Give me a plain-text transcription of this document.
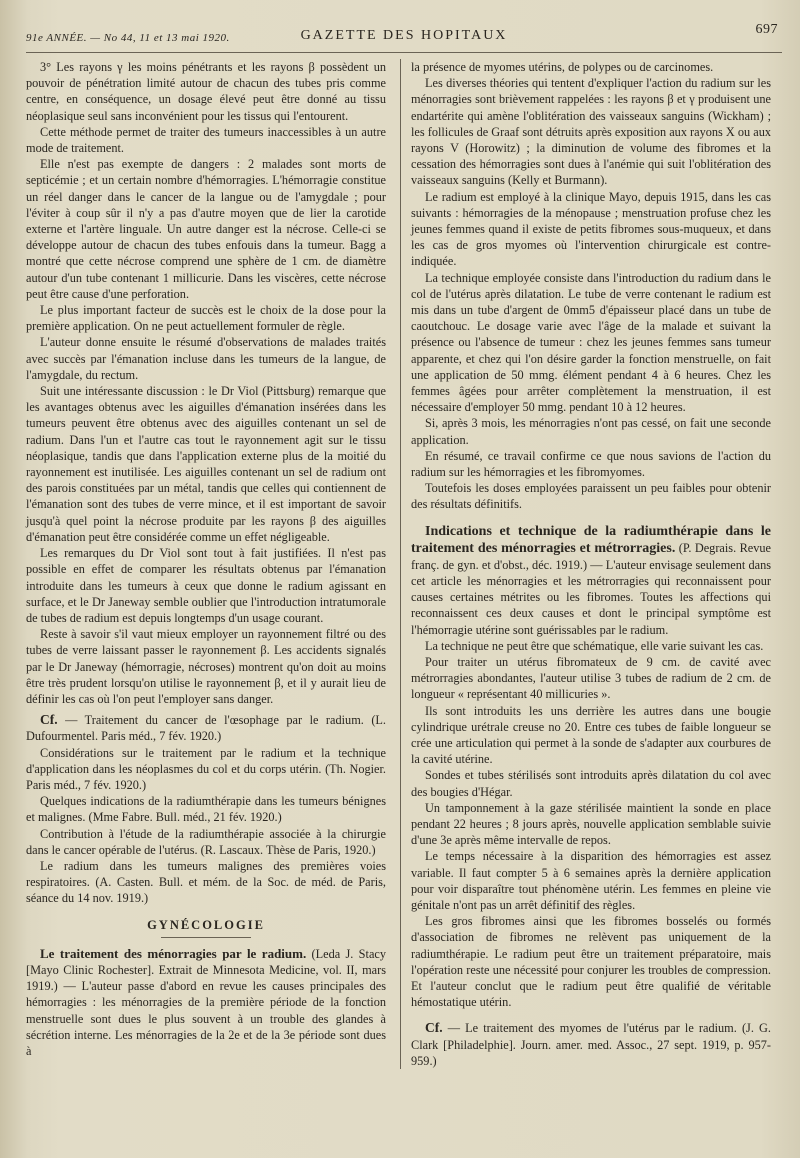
91e ANNÉE. — No 44, 11 et 13 mai 1920.	GAZETTE DES HOPITAUX	697

3° Les rayons γ les moins pénétrants et les rayons β possèdent un pouvoir de pénétration limité autour de chacun des tubes pris comme centre, en conséquence, un dosage élevé peut être donné au tissu néoplasique seul sans inconvénient pour les tissus qui l'entourent.

Cette méthode permet de traiter des tumeurs inaccessibles à un autre mode de traitement.

Elle n'est pas exempte de dangers : 2 malades sont morts de septicémie ; et un certain nombre d'hémorragies. L'hémorragie constitue un réel danger dans le cancer de la langue ou de l'amygdale ; pour l'éviter à coup sûr il n'y a pas d'autre moyen que de lier la carotide externe et l'artère linguale. Un autre danger est la nécrose. Celle-ci se développe autour de chacun des tubes enfouis dans la tumeur. Bagg a montré que cette nécrose comprend une sphère de 1 cm. de diamètre autour d'un tube contenant 1 millicurie. Dans les viscères, cette nécrose peut être cause d'une perforation.

Le plus important facteur de succès est le choix de la dose pour la première application. On ne peut actuellement formuler de règle.

L'auteur donne ensuite le résumé d'observations de malades traités avec succès par l'émanation incluse dans les tumeurs de la langue, de l'amygdale, du rectum.

Suit une intéressante discussion : le Dr Viol (Pittsburg) remarque que les avantages obtenus avec les aiguilles d'émanation insérées dans les tumeurs peuvent être obtenus avec des aiguilles contenant un sel de radium. Dans l'un et l'autre cas tout le rayonnement agit sur le tissu néoplasique, tandis que dans l'application externe plus de la moitié du rayonnement est inutilisée. Les aiguilles contenant un sel de radium ont des parois constituées par un métal, tandis que celles qui contiennent de l'émanation sont des tubes de verre mince, et il est important de savoir jusqu'à quel point la nécrose produite par les rayons β des aiguilles d'émanation peut être considérée comme un effet négligeable.

Les remarques du Dr Viol sont tout à fait justifiées. Il n'est pas possible en effet de comparer les résultats obtenus par l'émanation introduite dans les tumeurs à ceux que donne le radium agissant en surface, et le Dr Janeway semble oublier que l'introduction intratumorale de tubes de radium est depuis longtemps d'un usage courant.

Reste à savoir s'il vaut mieux employer un rayonnement filtré ou des tubes de verre laissant passer le rayonnement β. Les accidents signalés par le Dr Janeway (hémorragie, nécroses) montrent qu'on doit au moins être très prudent lorsqu'on utilise le rayonnement β, et il y aurait lieu de définir les cas où l'on peut l'employer sans danger.

Cf. — Traitement du cancer de l'œsophage par le radium. (L. Dufourmentel. Paris méd., 7 fév. 1920.)

Considérations sur le traitement par le radium et la technique d'application dans les néoplasmes du col et du corps utérin. (Th. Nogier. Paris méd., 7 fév. 1920.)

Quelques indications de la radiumthérapie dans les tumeurs bénignes et malignes. (Mme Fabre. Bull. méd., 21 fév. 1920.)

Contribution à l'étude de la radiumthérapie associée à la chirurgie dans le cancer opérable de l'utérus. (R. Lascaux. Thèse de Paris, 1920.)

Le radium dans les tumeurs malignes des premières voies respiratoires. (A. Casten. Bull. et mém. de la Soc. de méd. de Paris, séance du 14 nov. 1919.)

GYNÉCOLOGIE

Le traitement des ménorragies par le radium. (Leda J. Stacy [Mayo Clinic Rochester]. Extrait de Minnesota Medicine, vol. II, mars 1919.) — L'auteur passe d'abord en revue les causes principales des hémorragies : les ménorragies de la première période de la fonction menstruelle sont dues le plus souvent à un trouble des glandes à sécrétion interne. Les ménorragies de la 2e et de la 3e période sont dues à

la présence de myomes utérins, de polypes ou de carcinomes.

Les diverses théories qui tentent d'expliquer l'action du radium sur les ménorragies sont brièvement rappelées : les rayons β et γ produisent une endartérite qui amène l'oblitération des vaisseaux sanguins (Wickham) ; les follicules de Graaf sont détruits après exposition aux rayons X ou aux rayons V (Horowitz) ; la diminution de volume des fibromes et la cessation des hémorragies sont dues à l'anémie qui suit l'oblitération des vaisseaux sanguins (Kelly et Burmann).

Le radium est employé à la clinique Mayo, depuis 1915, dans les cas suivants : hémorragies de la ménopause ; menstruation profuse chez les jeunes femmes quand il existe de petits fibromes sous-muqueux, et dans les cas de gros myomes où l'intervention chirurgicale est contre-indiquée.

La technique employée consiste dans l'introduction du radium dans le col de l'utérus après dilatation. Le tube de verre contenant le radium est mis dans un tube d'argent de 0mm5 d'épaisseur placé dans un tube de caoutchouc. Le dosage varie avec l'âge de la malade et suivant la présence ou l'absence de tumeur : chez les jeunes femmes sans tumeur apparente, et chez qui l'on désire garder la fonction menstruelle, on fait une application de 50 mmg. élément pendant 4 à 6 heures. Chez les femmes âgées pour arrêter complètement la menstruation, il est nécessaire d'employer 50 mmg. pendant 10 à 12 heures.

Si, après 3 mois, les ménorragies n'ont pas cessé, on fait une seconde application.

En résumé, ce travail confirme ce que nous savions de l'action du radium sur les hémorragies et les fibromyomes.

Toutefois les doses employées paraissent un peu faibles pour obtenir des résultats définitifs.

Indications et technique de la radiumthérapie dans le traitement des ménorragies et métrorragies. (P. Degrais. Revue franç. de gyn. et d'obst., déc. 1919.) — L'auteur envisage seulement dans cet article les ménorragies et les métrorragies qui reconnaissent pour causes certaines métrites ou les fibromes. Toutes les affections qui reconnaissent ces deux causes et dont le principal symptôme est l'hémorragie utérine sont guérissables par le radium.

La technique ne peut être que schématique, elle varie suivant les cas.

Pour traiter un utérus fibromateux de 9 cm. de cavité avec métrorragies abondantes, l'auteur utilise 3 tubes de radium de 2 cm. de longueur « représentant 40 millicuries ».

Ils sont introduits les uns derrière les autres dans une bougie cylindrique urétrale creuse no 20. Entre ces tubes de faible longueur se crée une articulation qui permet à la sonde de s'adapter aux courbures de la cavité utérine.

Sondes et tubes stérilisés sont introduits après dilatation du col avec des bougies d'Hégar.

Un tamponnement à la gaze stérilisée maintient la sonde en place pendant 22 heures ; 8 jours après, nouvelle application semblable suivie d'une 3e après même intervalle de repos.

Le temps nécessaire à la disparition des hémorragies est assez variable. Il faut compter 5 à 6 semaines après la dernière application pour voir disparaître tout phénomène utérin. Les femmes en pleine vie génitale n'ont pas un arrêt définitif des règles.

Les gros fibromes ainsi que les fibromes bosselés ou formés d'association de fibromes ne relèvent pas uniquement de la radiumthérapie. Le radium peut être un traitement préparatoire, mais l'opération reste une nécessité pour conjurer les troubles de compression. Et l'auteur conclut que le radium peut être qualifié de véritable hémostatique utérin.

Cf. — Le traitement des myomes de l'utérus par le radium. (J. G. Clark [Philadelphie]. Journ. amer. med. Assoc., 27 sept. 1919, p. 957-959.)
